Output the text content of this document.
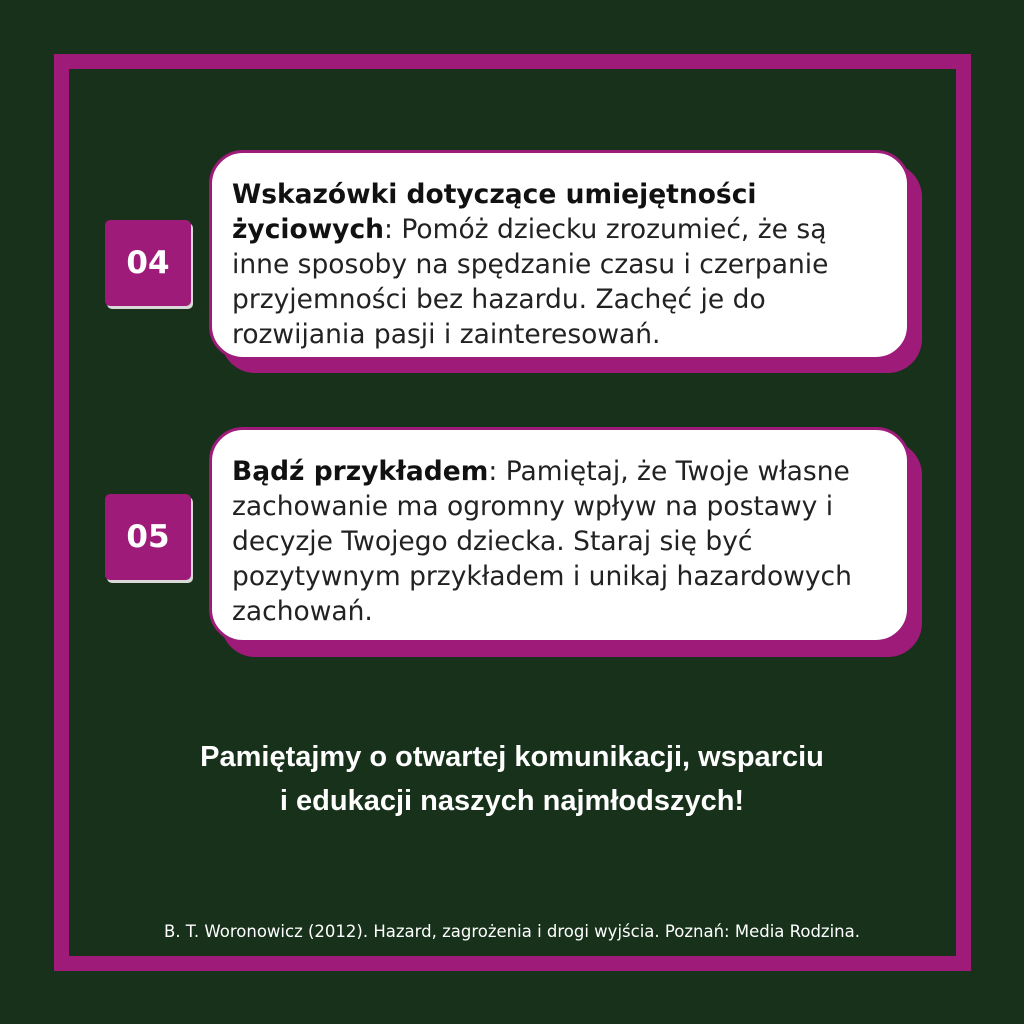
Wskazówki dotyczące umiejętności życiowych: Pomóż dziecku zrozumieć, że są inne sposoby na spędzanie czasu i czerpanie przyjemności bez hazardu. Zachęć je do rozwijania pasji i zainteresowań.
04
Bądź przykładem: Pamiętaj, że Twoje własne zachowanie ma ogromny wpływ na postawy i decyzje Twojego dziecka. Staraj się być pozytywnym przykładem i unikaj hazardowych zachowań.
05
Pamiętajmy o otwartej komunikacji, wsparciu
i edukacji naszych najmłodszych!
B. T. Woronowicz (2012). Hazard, zagrożenia i drogi wyjścia. Poznań: Media Rodzina.
